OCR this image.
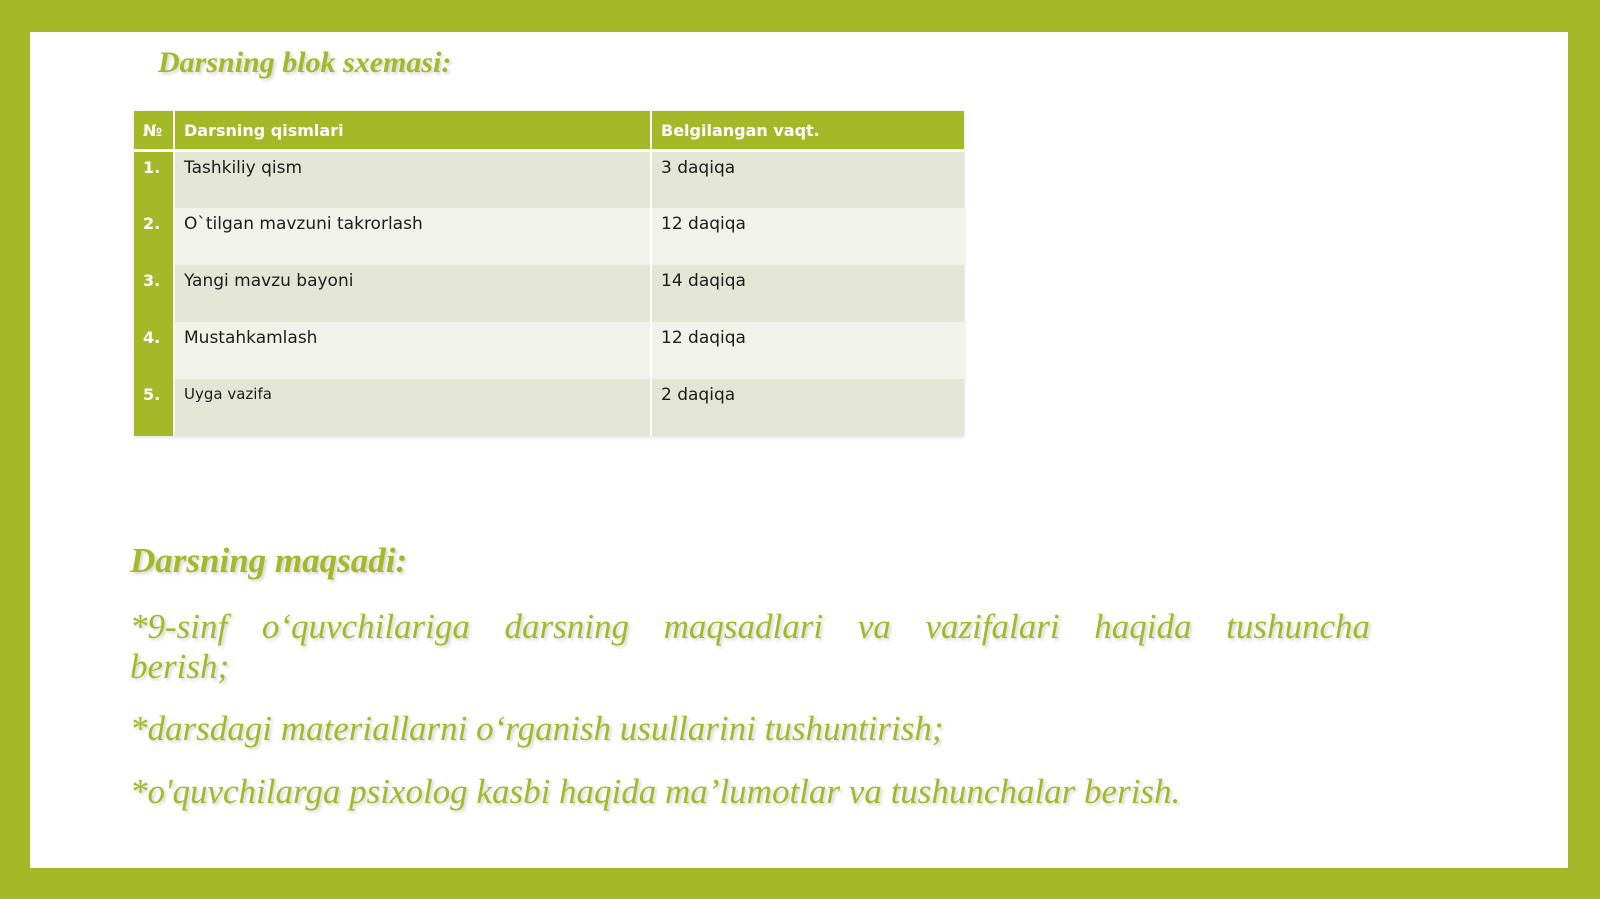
Darsning blok sxemasi:
№	Darsning qismlari	Belgilangan vaqt.
1.	Tashkiliy qism	3 daqiqa
2.	O`tilgan mavzuni takrorlash	12 daqiqa
3.	Yangi mavzu bayoni	14 daqiqa
4.	Mustahkamlash	12 daqiqa
5.	Uyga vazifa	2 daqiqa
Darsning maqsadi:

*9-sinf o‘quvchilariga darsning maqsadlari va vazifalari haqida tushuncha berish;

*darsdagi materiallarni o‘rganish usullarini tushuntirish;

*o'quvchilarga psixolog kasbi haqida ma’lumotlar va tushunchalar berish.
